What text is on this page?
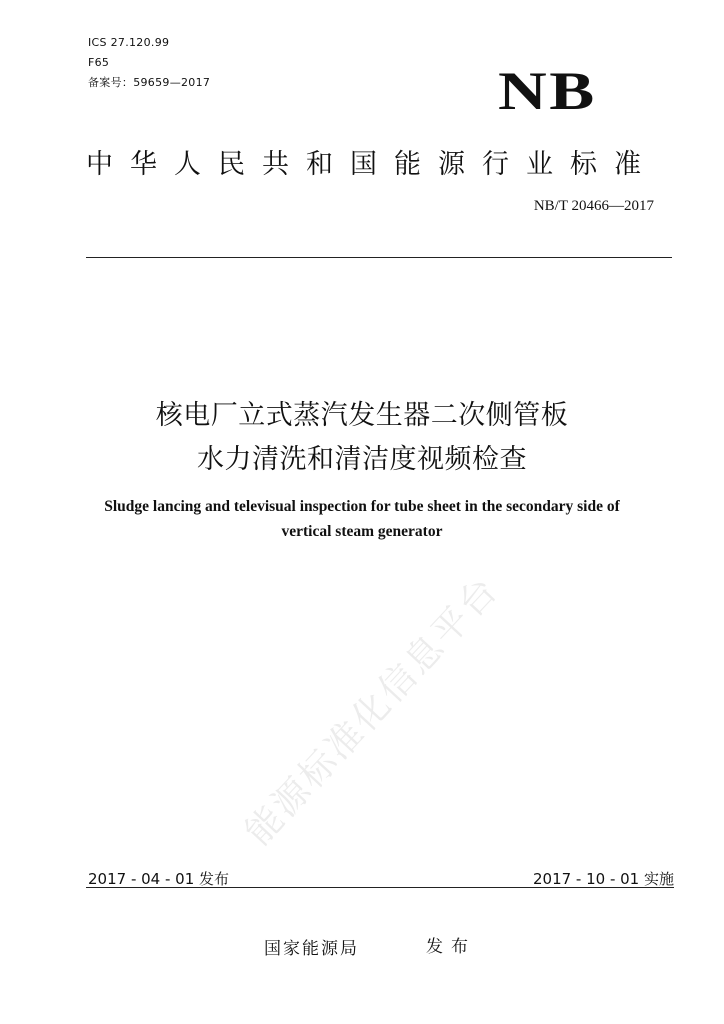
能源标准化信息平台
ICS 27.120.99
F65
备案号：59659—2017	NB
中华人民共和国能源行业标准
NB/T 20466—2017
核电厂立式蒸汽发生器二次侧管板
水力清洗和清洁度视频检查
Sludge lancing and televisual inspection for tube sheet in the secondary side of
vertical steam generator
2017 - 04 - 01 发布	2017 - 10 - 01 实施
国家能源局	发布
